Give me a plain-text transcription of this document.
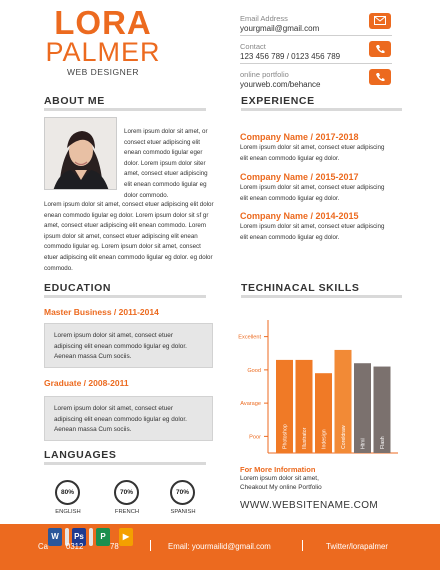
LORA
PALMER
WEB DESIGNER
Email Address
yourgmail@gmail.com
Contact
123 456 789 / 0123 456 789
online portfolio
yourweb.com/behance
ABOUT ME
Lorem ipsum dolor sit amet, or consect etuer adipiscing elit enean commodo ligular eger dolor. Lorem ipsum dolor siter amet, consect etuer adipiscing elit enean commodo ligular eg dolor commodo.
Lorem ipsum dolor sit amet, consect etuer adipiscing elit dolor enean commodo ligular eg dolor. Lorem ipsum dolor sit sf gr amet, consect etuer adipiscing elit enean commodo. Lorem ipsum dolor sit amet, consect etuer adipiscing elit enean commodo ligular eg. Lorem ipsum dolor sit amet, consect etuer adipiscing elit enean commodo ligular eg dolor. eg dolor commodo.
EXPERIENCE
Company Name / 2017-2018
Lorem ipsum dolor sit amet, consect etuer adipiscing elit enean commodo ligular eg dolor.
Company Name / 2015-2017
Lorem ipsum dolor sit amet, consect etuer adipiscing elit enean commodo ligular eg dolor.
Company Name / 2014-2015
Lorem ipsum dolor sit amet, consect etuer adipiscing elit enean commodo ligular eg dolor.
EDUCATION
Master Business / 2011-2014
Lorem ipsum dolor sit amet, consect etuer adipiscing elit enean commodo ligular eg dolor. Aenean massa Cum sociis.
Graduate / 2008-2011
Lorem ipsum dolor sit amet, consect etuer adipiscing elit enean commodo ligular eg dolor. Aenean massa Cum sociis.
LANGUAGES
80%
ENGLISH
70%
FRENCH
70%
SPANISH
TECHINACAL SKILLS
Poor
Avarage
Good
Excellent
Photoshop	Illustrator	Indesign	Coreldraw	Html	Flash
For More Information
Lorem ipsum dolor sit amet,
Cheakout My online Portfolio
WWW.WEBSITENAME.COM
Ca
W	Ps	P	▶
0312	78	Email: yourmailid@gmail.com	Twitter/lorapalmer
